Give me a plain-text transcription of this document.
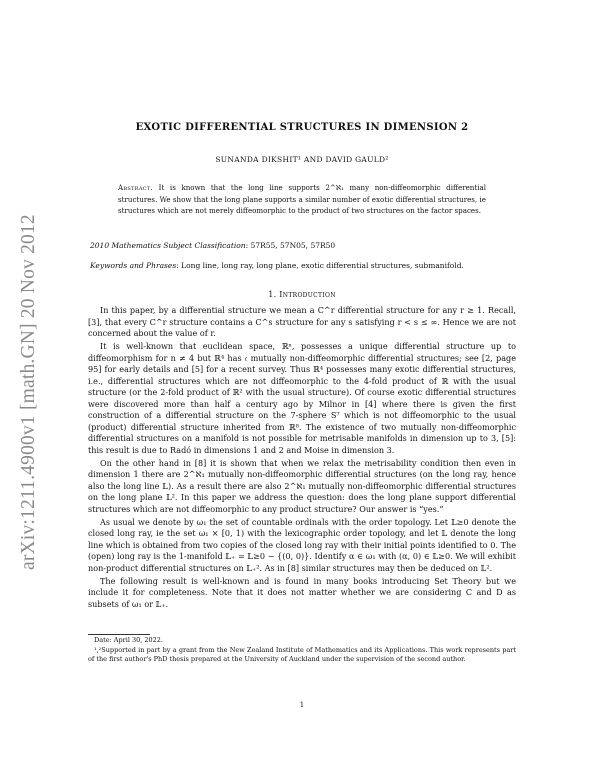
arXiv:1211.4900v1 [math.GN] 20 Nov 2012
EXOTIC DIFFERENTIAL STRUCTURES IN DIMENSION 2
SUNANDA DIKSHIT¹ AND DAVID GAULD²
Abstract. It is known that the long line supports 2^ℵ₁ many non-diffeomorphic differential structures. We show that the long plane supports a similar number of exotic differential structures, ie structures which are not merely diffeomorphic to the product of two structures on the factor spaces.
2010 Mathematics Subject Classification: 57R55, 57N05, 57R50
Keywords and Phrases: Long line, long ray, long plane, exotic differential structures, submanifold.
1. Introduction

In this paper, by a differential structure we mean a C^r differential structure for any r ≥ 1. Recall, [3], that every C^r structure contains a C^s structure for any s satisfying r < s ≤ ∞. Hence we are not concerned about the value of r.

It is well-known that euclidean space, ℝⁿ, possesses a unique differential structure up to diffeomorphism for n ≠ 4 but ℝ⁴ has 𝔠 mutually non-diffeomorphic differential structures; see [2, page 95] for early details and [5] for a recent survey. Thus ℝ⁴ possesses many exotic differential structures, i.e., differential structures which are not diffeomorphic to the 4-fold product of ℝ with the usual structure (or the 2-fold product of ℝ² with the usual structure). Of course exotic differential structures were discovered more than half a century ago by Milnor in [4] where there is given the first construction of a differential structure on the 7-sphere S⁷ which is not diffeomorphic to the usual (product) differential structure inherited from ℝ⁸. The existence of two mutually non-diffeomorphic differential structures on a manifold is not possible for metrisable manifolds in dimension up to 3, [5]: this result is due to Radó in dimensions 1 and 2 and Moise in dimension 3.

On the other hand in [8] it is shown that when we relax the metrisability condition then even in dimension 1 there are 2^ℵ₁ mutually non-diffeomorphic differential structures (on the long ray, hence also the long line 𝕃). As a result there are also 2^ℵ₁ mutually non-diffeomorphic differential structures on the long plane 𝕃². In this paper we address the question: does the long plane support differential structures which are not diffeomorphic to any product structure? Our answer is “yes.”

As usual we denote by ω₁ the set of countable ordinals with the order topology. Let 𝕃≥0 denote the closed long ray, ie the set ω₁ × [0, 1) with the lexicographic order topology, and let 𝕃 denote the long line which is obtained from two copies of the closed long ray with their initial points identified to 0. The (open) long ray is the 1-manifold 𝕃₊ = 𝕃≥0 − {(0, 0)}. Identify α ∈ ω₁ with (α, 0) ∈ 𝕃≥0. We will exhibit non-product differential structures on 𝕃₊². As in [8] similar structures may then be deduced on 𝕃².

The following result is well-known and is found in many books introducing Set Theory but we include it for completeness. Note that it does not matter whether we are considering C and D as subsets of ω₁ or 𝕃₊.

Date: April 30, 2022.

¹,²Supported in part by a grant from the New Zealand Institute of Mathematics and its Applications. This work represents part of the first author's PhD thesis prepared at the University of Auckland under the supervision of the second author.

1
